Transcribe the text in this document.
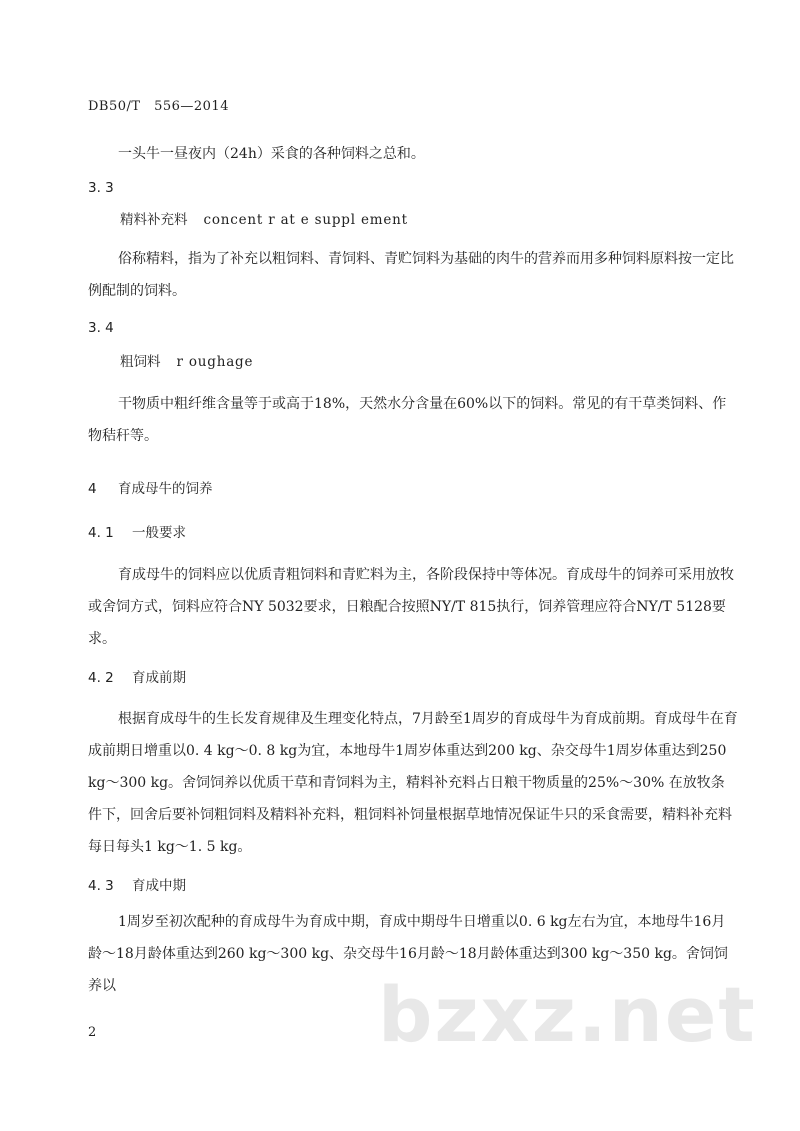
DB50/T　556—2014
一头牛一昼夜内（24h）采食的各种饲料之总和。
3. 3
精料补充料 concent r at e suppl ement
俗称精料，指为了补充以粗饲料、青饲料、青贮饲料为基础的肉牛的营养而用多种饲料原料按一定比例配制的饲料。
3. 4
粗饲料 r oughage
干物质中粗纤维含量等于或高于18%，天然水分含量在60%以下的饲料。常见的有干草类饲料、作物秸秆等。
4 育成母牛的饲养
4. 1 一般要求
育成母牛的饲料应以优质青粗饲料和青贮料为主，各阶段保持中等体况。育成母牛的饲养可采用放牧或舍饲方式，饲料应符合NY 5032要求，日粮配合按照NY/T 815执行，饲养管理应符合NY/T 5128要求。
4. 2 育成前期
根据育成母牛的生长发育规律及生理变化特点，7月龄至1周岁的育成母牛为育成前期。育成母牛在育成前期日增重以0. 4 kg～0. 8 kg为宜，本地母牛1周岁体重达到200 kg、杂交母牛1周岁体重达到250 kg～300 kg。舍饲饲养以优质干草和青饲料为主，精料补充料占日粮干物质量的25%～30% 在放牧条件下，回舍后要补饲粗饲料及精料补充料，粗饲料补饲量根据草地情况保证牛只的采食需要，精料补充料每日每头1 kg～1. 5 kg。
4. 3 育成中期
1周岁至初次配种的育成母牛为育成中期，育成中期母牛日增重以0. 6 kg左右为宜，本地母牛16月龄～18月龄体重达到260 kg～300 kg、杂交母牛16月龄～18月龄体重达到300 kg～350 kg。舍饲饲养以
2	bzxz.net
